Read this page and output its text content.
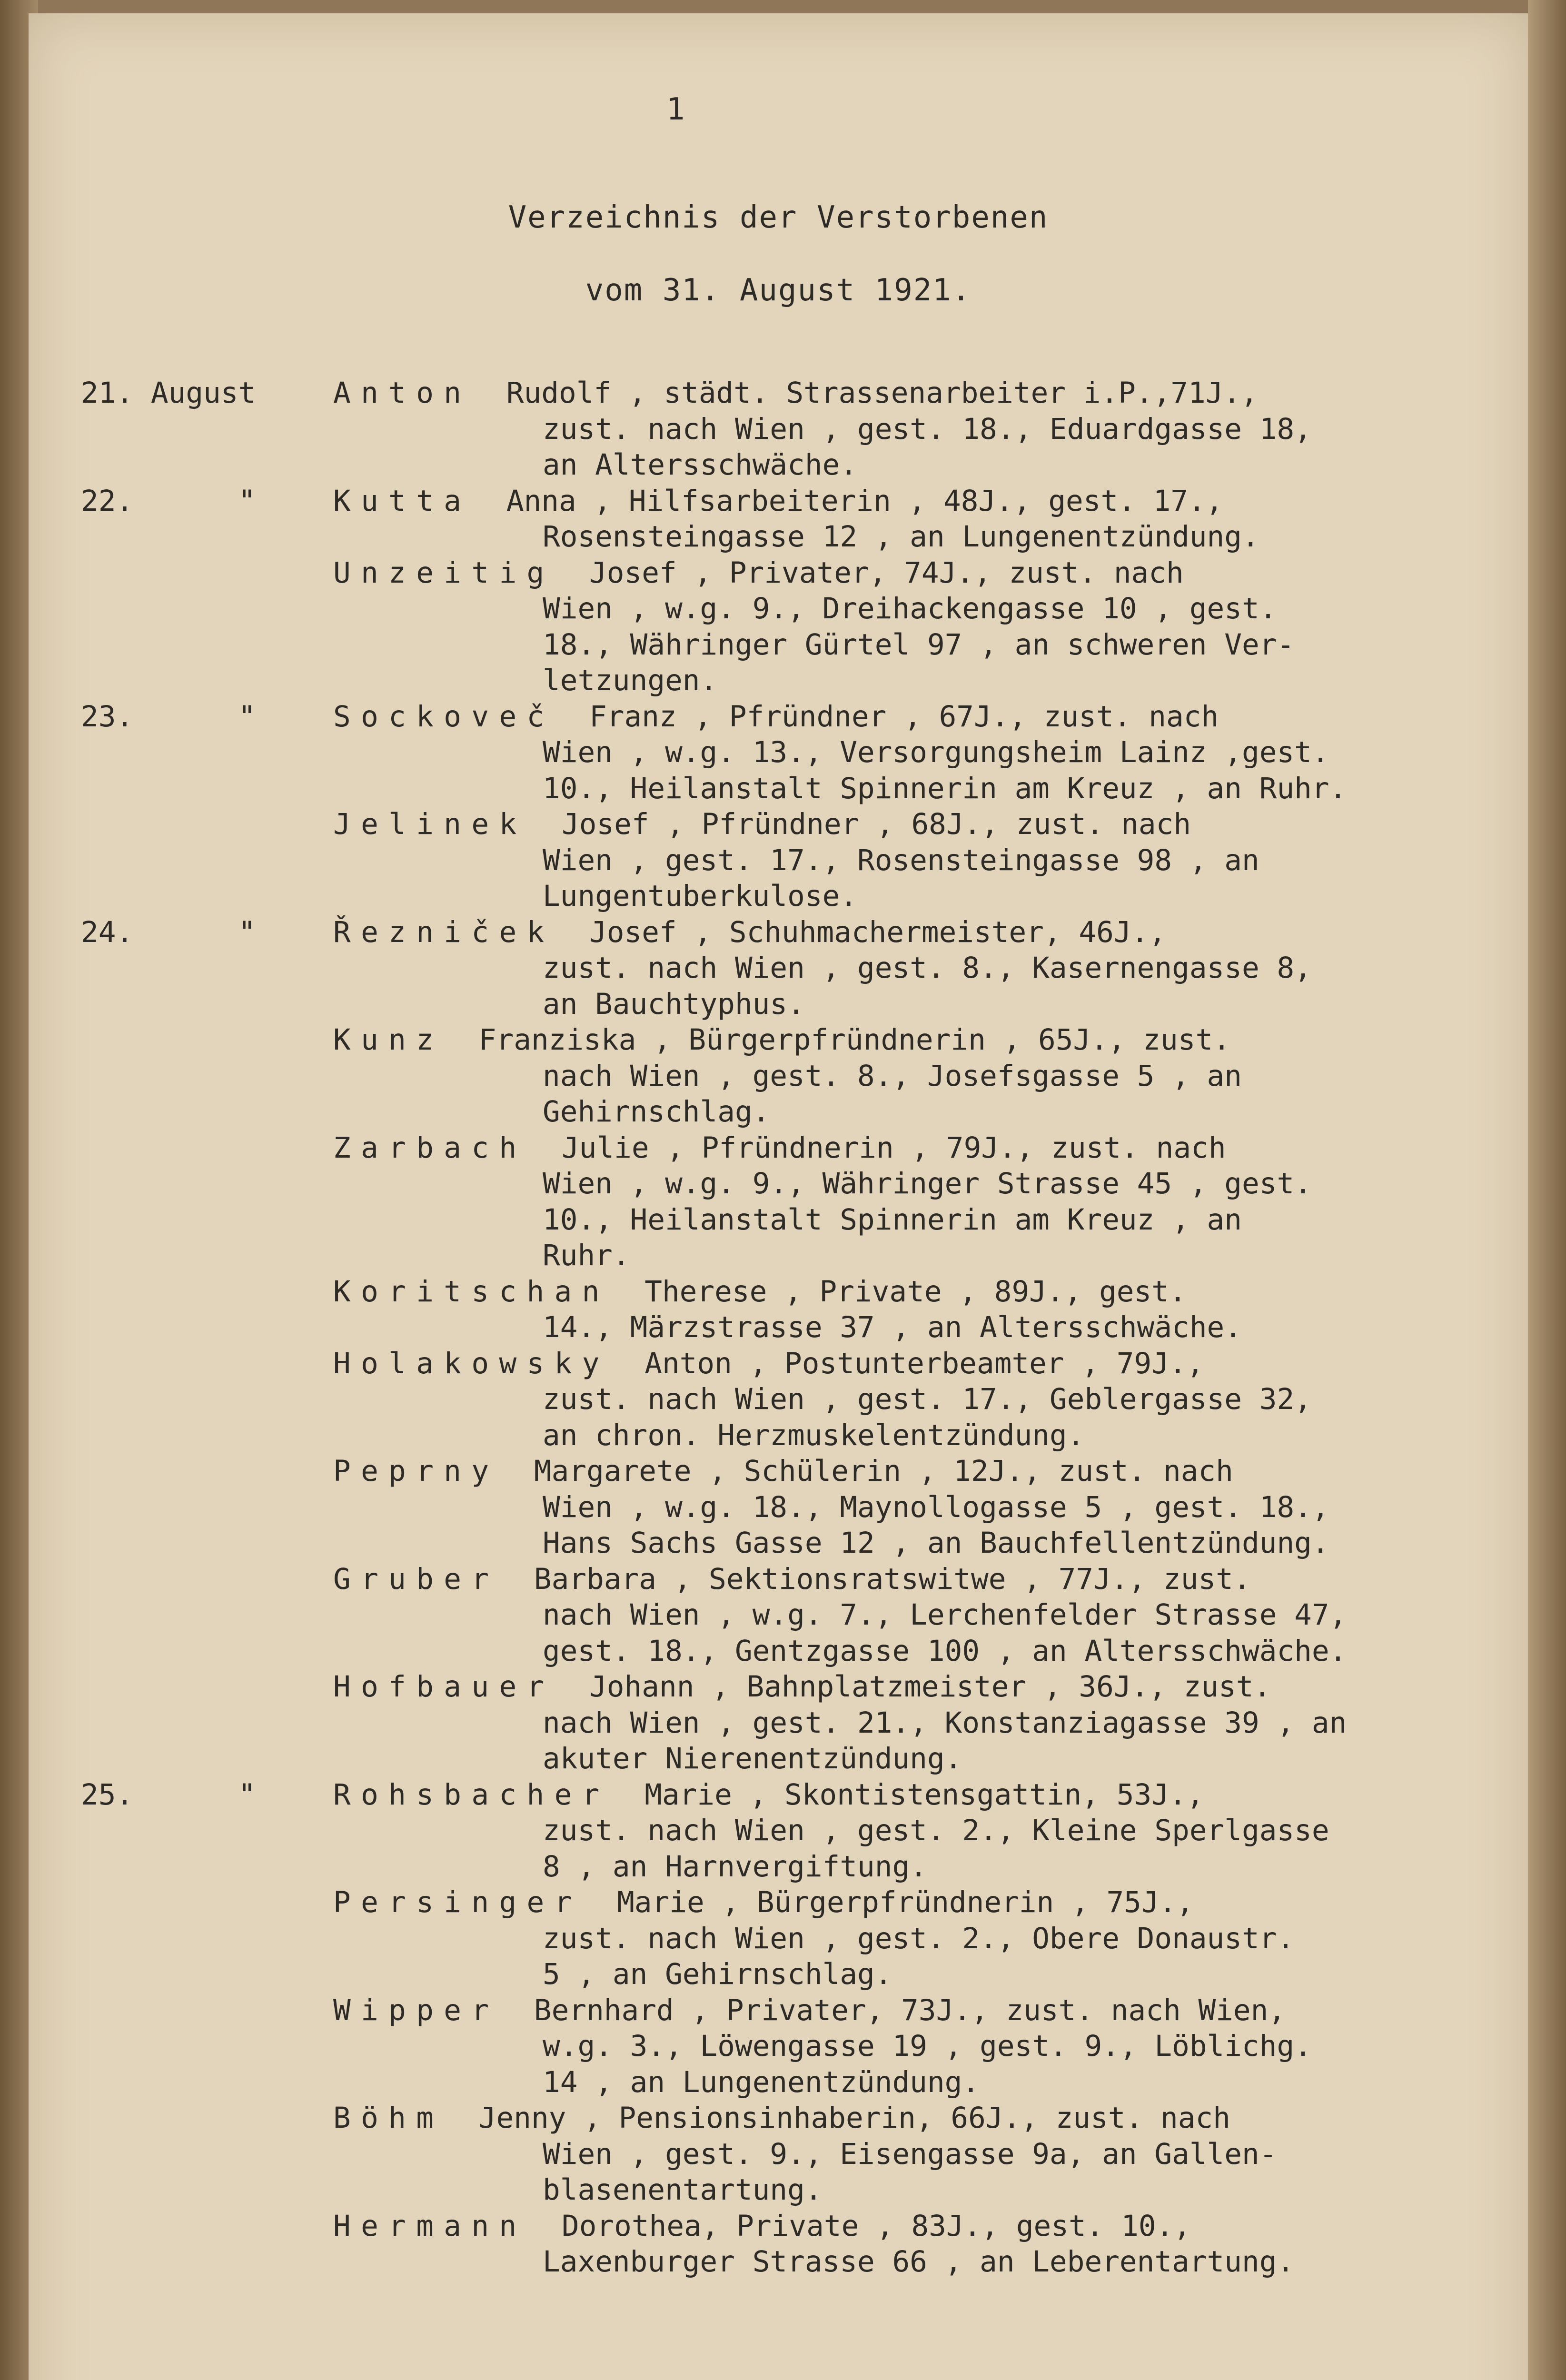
1

Verzeichnis der Verstorbenen
vom 31. August 1921.
21. August	Anton Rudolf , städt. Strassenarbeiter i.P.,71J.,
zust. nach Wien , gest. 18., Eduardgasse 18,
an Altersschwäche.
22.      "	Kutta Anna , Hilfsarbeiterin , 48J., gest. 17.,
Rosensteingasse 12 , an Lungenentzündung.
Unzeitig Josef , Privater, 74J., zust. nach
Wien , w.g. 9., Dreihackengasse 10 , gest.
18., Währinger Gürtel 97 , an schweren Ver-
letzungen.
23.      "	Sockoveč Franz , Pfründner , 67J., zust. nach
Wien , w.g. 13., Versorgungsheim Lainz ,gest.
10., Heilanstalt Spinnerin am Kreuz , an Ruhr.
Jelinek Josef , Pfründner , 68J., zust. nach
Wien , gest. 17., Rosensteingasse 98 , an
Lungentuberkulose.
24.      "	Řezniček Josef , Schuhmachermeister, 46J.,
zust. nach Wien , gest. 8., Kasernengasse 8,
an Bauchtyphus.
Kunz Franziska , Bürgerpfründnerin , 65J., zust.
nach Wien , gest. 8., Josefsgasse 5 , an
Gehirnschlag.
Zarbach Julie , Pfründnerin , 79J., zust. nach
Wien , w.g. 9., Währinger Strasse 45 , gest.
10., Heilanstalt Spinnerin am Kreuz , an
Ruhr.
Koritschan Therese , Private , 89J., gest.
14., Märzstrasse 37 , an Altersschwäche.
Holakowsky Anton , Postunterbeamter , 79J.,
zust. nach Wien , gest. 17., Geblergasse 32,
an chron. Herzmuskelentzündung.
Peprny Margarete , Schülerin , 12J., zust. nach
Wien , w.g. 18., Maynollogasse 5 , gest. 18.,
Hans Sachs Gasse 12 , an Bauchfellentzündung.
Gruber Barbara , Sektionsratswitwe , 77J., zust.
nach Wien , w.g. 7., Lerchenfelder Strasse 47,
gest. 18., Gentzgasse 100 , an Altersschwäche.
Hofbauer Johann , Bahnplatzmeister , 36J., zust.
nach Wien , gest. 21., Konstanziagasse 39 , an
akuter Nierenentzündung.
25.      "	Rohsbacher Marie , Skontistensgattin, 53J.,
zust. nach Wien , gest. 2., Kleine Sperlgasse
8 , an Harnvergiftung.
Persinger Marie , Bürgerpfründnerin , 75J.,
zust. nach Wien , gest. 2., Obere Donaustr.
5 , an Gehirnschlag.
Wipper Bernhard , Privater, 73J., zust. nach Wien,
w.g. 3., Löwengasse 19 , gest. 9., Löblichg.
14 , an Lungenentzündung.
Böhm Jenny , Pensionsinhaberin, 66J., zust. nach
Wien , gest. 9., Eisengasse 9a, an Gallen-
blasenentartung.
Hermann Dorothea, Private , 83J., gest. 10.,
Laxenburger Strasse 66 , an Leberentartung.
